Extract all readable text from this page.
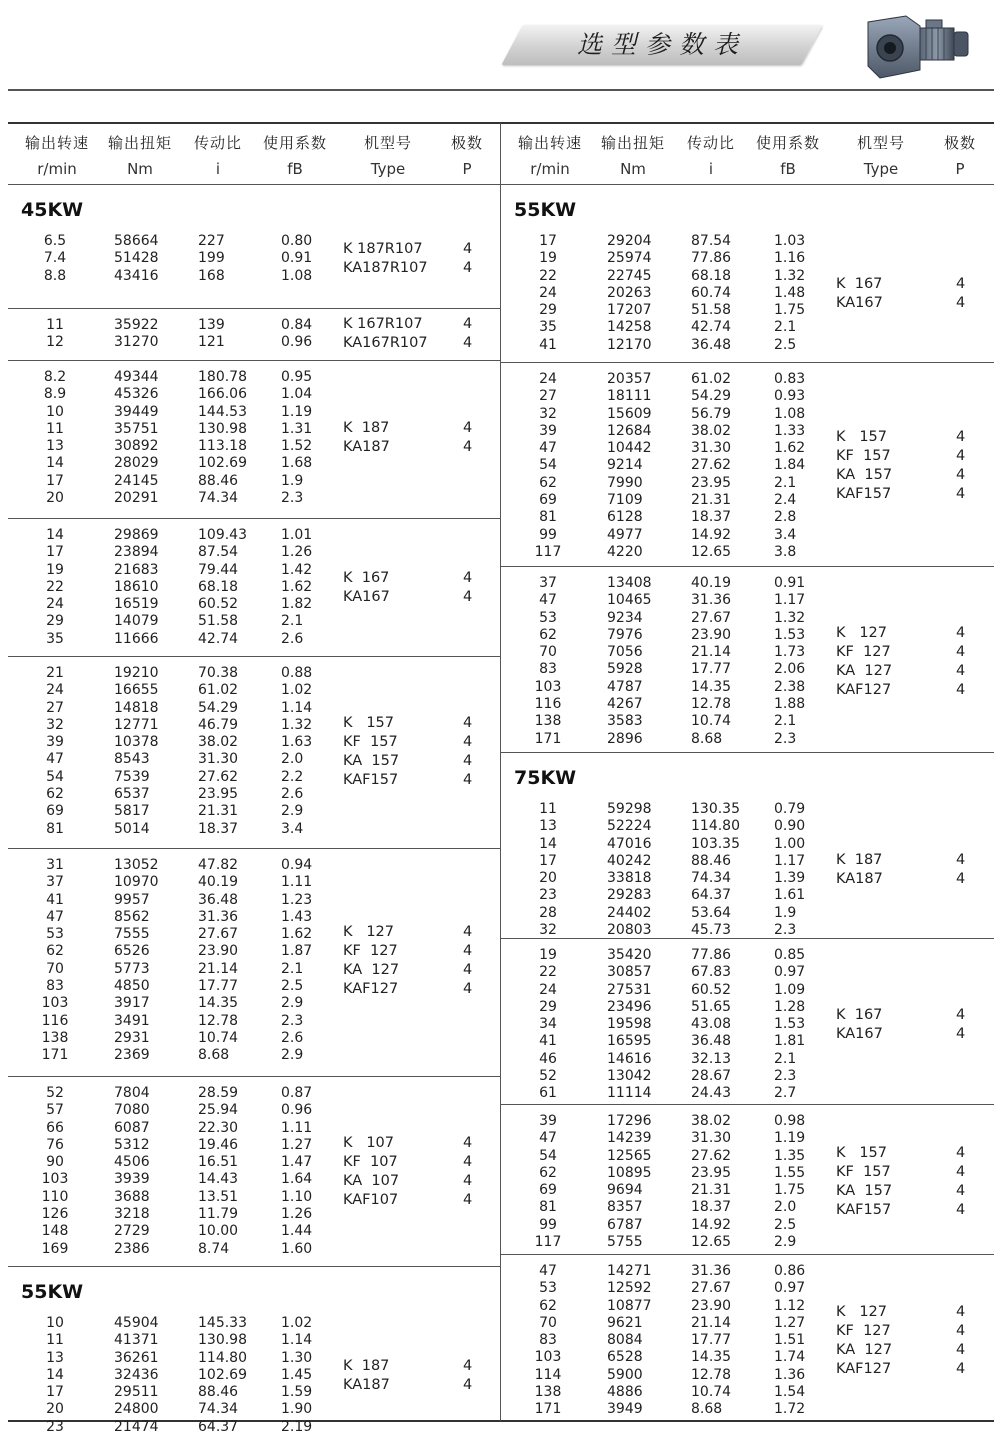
选型参数表
输出转速	输出扭矩	传动比	使用系数	机型号	极数
r/min	Nm	i	fB	Type	P
45KW
6.5	58664	227	0.80
7.4	51428	199	0.91
8.8	43416	168	1.08
K 187R107	4
KA187R107 4
11	35922	139	0.84
12	31270	121	0.96
K 167R107	4
KA167R107 4
8.2	49344	180.78 0.95
8.9	45326	166.06 1.04
10	39449	144.53 1.19
11	35751	130.98 1.31
13	30892	113.18 1.52
14	28029	102.69 1.68
17	24145	88.46	1.9
20	20291	74.34	2.3
K  187	4
KA187	4
14	29869	109.43 1.01
17	23894	87.54	1.26
19	21683	79.44	1.42
22	18610	68.18	1.62
24	16519	60.52	1.82
29	14079	51.58	2.1
35	11666	42.74	2.6
K  167	4
KA167	4
21	19210	70.38	0.88
24	16655	61.02	1.02
27	14818	54.29	1.14
32	12771	46.79	1.32
39	10378	38.02	1.63
47	8543	31.30	2.0
54	7539	27.62	2.2
62	6537	23.95	2.6
69	5817	21.31	2.9
81	5014	18.37	3.4
K   157	4
KF  157	4
KA  157	4
KAF157	4
31	13052	47.82	0.94
37	10970	40.19	1.11
41	9957	36.48	1.23
47	8562	31.36	1.43
53	7555	27.67	1.62
62	6526	23.90	1.87
70	5773	21.14	2.1
83	4850	17.77	2.5
103	3917	14.35	2.9
116	3491	12.78	2.3
138	2931	10.74	2.6
171	2369	8.68	2.9
K   127	4
KF  127	4
KA  127	4
KAF127	4
52	7804	28.59	0.87
57	7080	25.94	0.96
66	6087	22.30	1.11
76	5312	19.46	1.27
90	4506	16.51	1.47
103	3939	14.43	1.64
110	3688	13.51	1.10
126	3218	11.79	1.26
148	2729	10.00	1.44
169	2386	8.74	1.60
K   107	4
KF  107	4
KA  107	4
KAF107	4
55KW
10	45904	145.33 1.02
11	41371	130.98 1.14
13	36261	114.80 1.30
14	32436	102.69 1.45
17	29511	88.46	1.59
20	24800	74.34	1.90
23	21474	64.37	2.19
K  187	4
KA187	4
输出转速	输出扭矩	传动比	使用系数	机型号	极数
r/min	Nm	i	fB	Type	P
55KW
17	29204	87.54	1.03
19	25974	77.86	1.16
22	22745	68.18	1.32
24	20263	60.74	1.48
29	17207	51.58	1.75
35	14258	42.74	2.1
41	12170	36.48	2.5
K  167	4
KA167	4
24	20357	61.02	0.83
27	18111	54.29	0.93
32	15609	56.79	1.08
39	12684	38.02	1.33
47	10442	31.30	1.62
54	9214	27.62	1.84
62	7990	23.95	2.1
69	7109	21.31	2.4
81	6128	18.37	2.8
99	4977	14.92	3.4
117	4220	12.65	3.8
K   157	4
KF  157	4
KA  157	4
KAF157	4
37	13408	40.19	0.91
47	10465	31.36	1.17
53	9234	27.67	1.32
62	7976	23.90	1.53
70	7056	21.14	1.73
83	5928	17.77	2.06
103	4787	14.35	2.38
116	4267	12.78	1.88
138	3583	10.74	2.1
171	2896	8.68	2.3
K   127	4
KF  127	4
KA  127	4
KAF127	4
75KW
11	59298	130.35 0.79
13	52224	114.80 0.90
14	47016	103.35 1.00
17	40242	88.46	1.17
20	33818	74.34	1.39
23	29283	64.37	1.61
28	24402	53.64	1.9
32	20803	45.73	2.3
K  187	4
KA187	4
19	35420	77.86	0.85
22	30857	67.83	0.97
24	27531	60.52	1.09
29	23496	51.65	1.28
34	19598	43.08	1.53
41	16595	36.48	1.81
46	14616	32.13	2.1
52	13042	28.67	2.3
61	11114	24.43	2.7
K  167	4
KA167	4
39	17296	38.02	0.98
47	14239	31.30	1.19
54	12565	27.62	1.35
62	10895	23.95	1.55
69	9694	21.31	1.75
81	8357	18.37	2.0
99	6787	14.92	2.5
117	5755	12.65	2.9
K   157	4
KF  157	4
KA  157	4
KAF157	4
47	14271	31.36	0.86
53	12592	27.67	0.97
62	10877	23.90	1.12
70	9621	21.14	1.27
83	8084	17.77	1.51
103	6528	14.35	1.74
114	5900	12.78	1.36
138	4886	10.74	1.54
171	3949	8.68	1.72
K   127	4
KF  127	4
KA  127	4
KAF127	4
